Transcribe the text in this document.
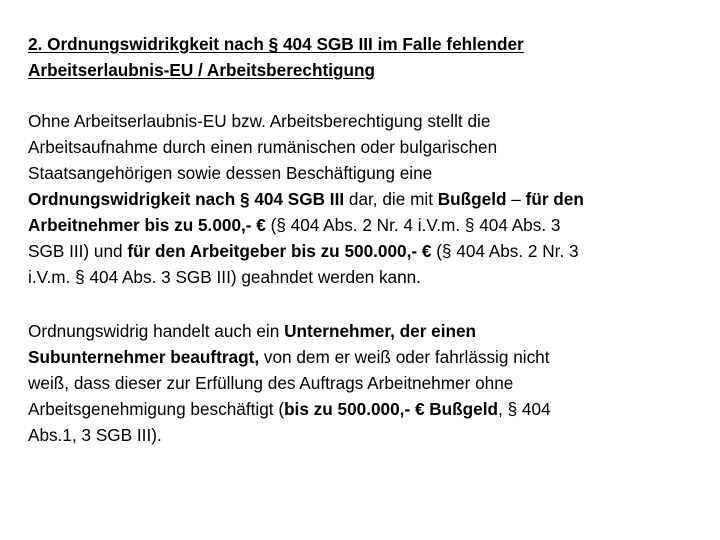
2. Ordnungswidrikgkeit nach § 404 SGB III im Falle fehlender
Arbeitserlaubnis-EU / Arbeitsberechtigung

Ohne Arbeitserlaubnis-EU bzw. Arbeitsberechtigung stellt die
Arbeitsaufnahme durch einen rumänischen oder bulgarischen
Staatsangehörigen sowie dessen Beschäftigung eine
Ordnungswidrigkeit nach § 404 SGB III dar, die mit Bußgeld – für den
Arbeitnehmer bis zu 5.000,- € (§ 404 Abs. 2 Nr. 4 i.V.m. § 404 Abs. 3
SGB III) und für den Arbeitgeber bis zu 500.000,- € (§ 404 Abs. 2 Nr. 3
i.V.m. § 404 Abs. 3 SGB III) geahndet werden kann.

Ordnungswidrig handelt auch ein Unternehmer, der einen
Subunternehmer beauftragt, von dem er weiß oder fahrlässig nicht
weiß, dass dieser zur Erfüllung des Auftrags Arbeitnehmer ohne
Arbeitsgenehmigung beschäftigt (bis zu 500.000,- € Bußgeld, § 404
Abs.1, 3 SGB III).
